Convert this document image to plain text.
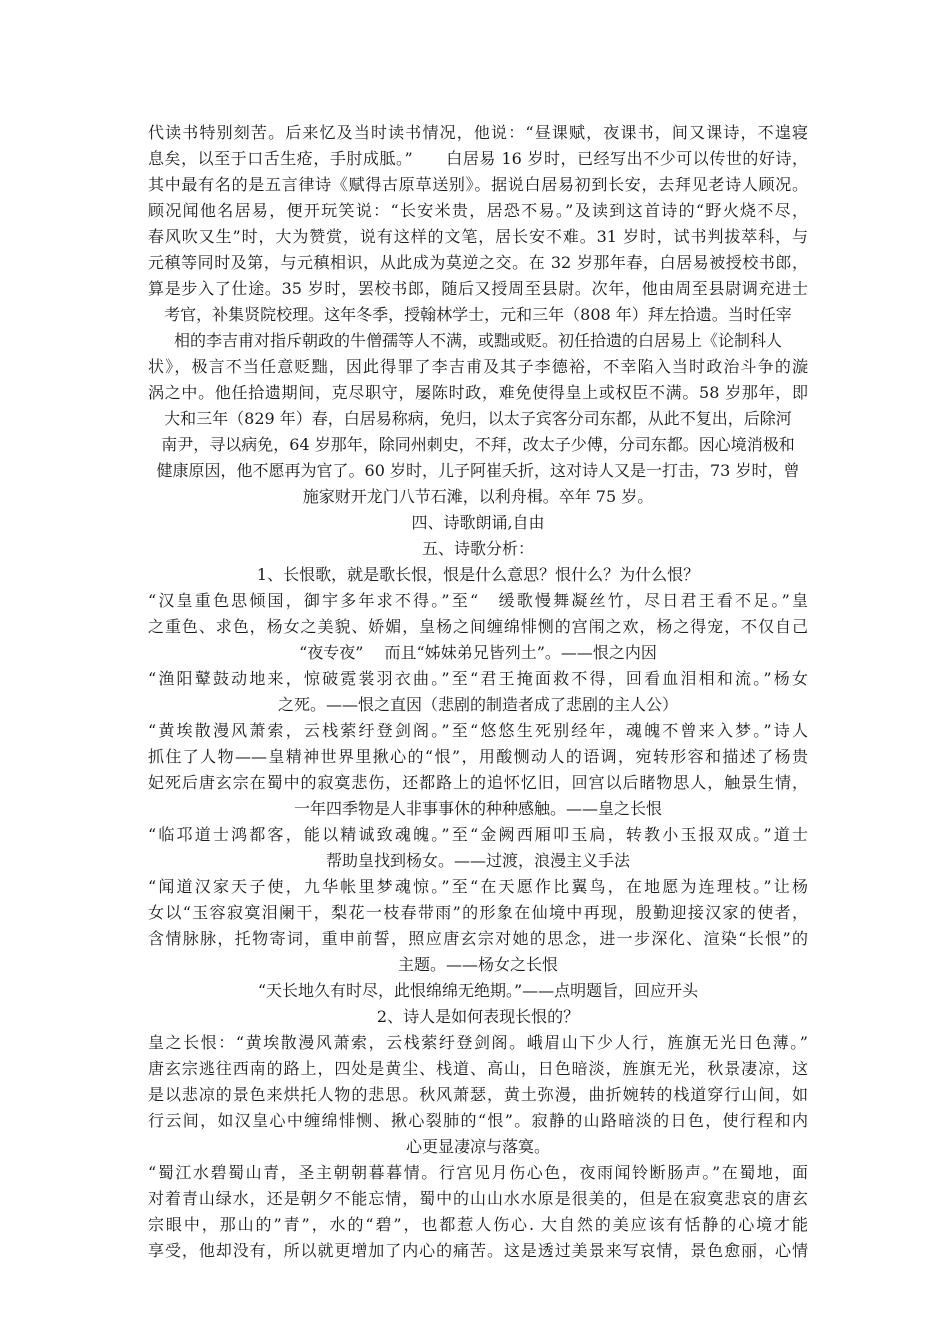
代读书特别刻苦。后来忆及当时读书情况，他说：“昼课赋，夜课书，间又课诗，不遑寝
息矣，以至于口舌生疮，手肘成胝。”　　白居易 16 岁时，已经写出不少可以传世的好诗，
其中最有名的是五言律诗《赋得古原草送别》。据说白居易初到长安，去拜见老诗人顾况。
顾况闻他名居易，便开玩笑说：“长安米贵，居恐不易。”及读到这首诗的“野火烧不尽，
春风吹又生”时，大为赞赏，说有这样的文笔，居长安不难。31 岁时，试书判拔萃科，与
元稹等同时及第，与元稹相识，从此成为莫逆之交。在 32 岁那年春，白居易被授校书郎，
算是步入了仕途。35 岁时，罢校书郎，随后又授周至县尉。次年，他由周至县尉调充进士
考官，补集贤院校理。这年冬季，授翰林学士，元和三年（808 年）拜左拾遗。当时任宰
相的李吉甫对指斥朝政的牛僧孺等人不满，或黜或贬。初任拾遗的白居易上《论制科人
状》，极言不当任意贬黜，因此得罪了李吉甫及其子李德裕，不幸陷入当时政治斗争的漩
涡之中。他任拾遗期间，克尽职守，屡陈时政，难免使得皇上或权臣不满。58 岁那年，即
大和三年（829 年）春，白居易称病，免归，以太子宾客分司东都，从此不复出，后除河
南尹，寻以病免，64 岁那年，除同州刺史，不拜，改太子少傅，分司东都。因心境消极和
健康原因，他不愿再为官了。60 岁时，儿子阿崔夭折，这对诗人又是一打击，73 岁时，曾
施家财开龙门八节石滩，以利舟楫。卒年 75 岁。
四、诗歌朗诵,自由
五、诗歌分析：
1、长恨歌，就是歌长恨，恨是什么意思？恨什么？为什么恨？
“汉皇重色思倾国，御宇多年求不得。”至“　缓歌慢舞凝丝竹，尽日君王看不足。”皇
之重色、求色，杨女之美貌、娇媚，皇杨之间缠绵悱恻的宫闱之欢，杨之得宠，不仅自己
“夜专夜”　 而且“姊妹弟兄皆列土”。——恨之内因
“渔阳鼙鼓动地来，惊破霓裳羽衣曲。”至“君王掩面救不得，回看血泪相和流。”杨女
之死。——恨之直因（悲剧的制造者成了悲剧的主人公）
“黄埃散漫风萧索，云栈萦纡登剑阁。”至“悠悠生死别经年，魂魄不曾来入梦。”诗人
抓住了人物——皇精神世界里揪心的“恨”，用酸恻动人的语调，宛转形容和描述了杨贵
妃死后唐玄宗在蜀中的寂寞悲伤，还都路上的追怀忆旧，回宫以后睹物思人，触景生情，
一年四季物是人非事事休的种种感触。——皇之长恨
“临邛道士鸿都客，能以精诚致魂魄。”至“金阙西厢叩玉扃，转教小玉报双成。”道士
帮助皇找到杨女。——过渡，浪漫主义手法
“闻道汉家天子使，九华帐里梦魂惊。”至“在天愿作比翼鸟，在地愿为连理枝。”让杨
女以“玉容寂寞泪阑干，梨花一枝春带雨”的形象在仙境中再现，殷勤迎接汉家的使者，
含情脉脉，托物寄词，重申前誓，照应唐玄宗对她的思念，进一步深化、渲染“长恨”的
主题。——杨女之长恨
“天长地久有时尽，此恨绵绵无绝期。”——点明题旨，回应开头
2、诗人是如何表现长恨的？
皇之长恨：“黄埃散漫风萧索，云栈萦纡登剑阁。峨眉山下少人行，旌旗无光日色薄。”
唐玄宗逃往西南的路上，四处是黄尘、栈道、高山，日色暗淡，旌旗无光，秋景凄凉，这
是以悲凉的景色来烘托人物的悲思。秋风萧瑟，黄土弥漫，曲折婉转的栈道穿行山间，如
行云间，如汉皇心中缠绵悱恻、揪心裂肺的“恨”。寂静的山路暗淡的日色，使行程和内
心更显凄凉与落寞。
“蜀江水碧蜀山青，圣主朝朝暮暮情。行宫见月伤心色，夜雨闻铃断肠声。”在蜀地，面
对着青山绿水，还是朝夕不能忘情，蜀中的山山水水原是很美的，但是在寂寞悲哀的唐玄
宗眼中，那山的”青”，水的“碧”，也都惹人伤心. 大自然的美应该有恬静的心境才能
享受，他却没有，所以就更增加了内心的痛苦。这是透过美景来写哀情，景色愈丽，心情
